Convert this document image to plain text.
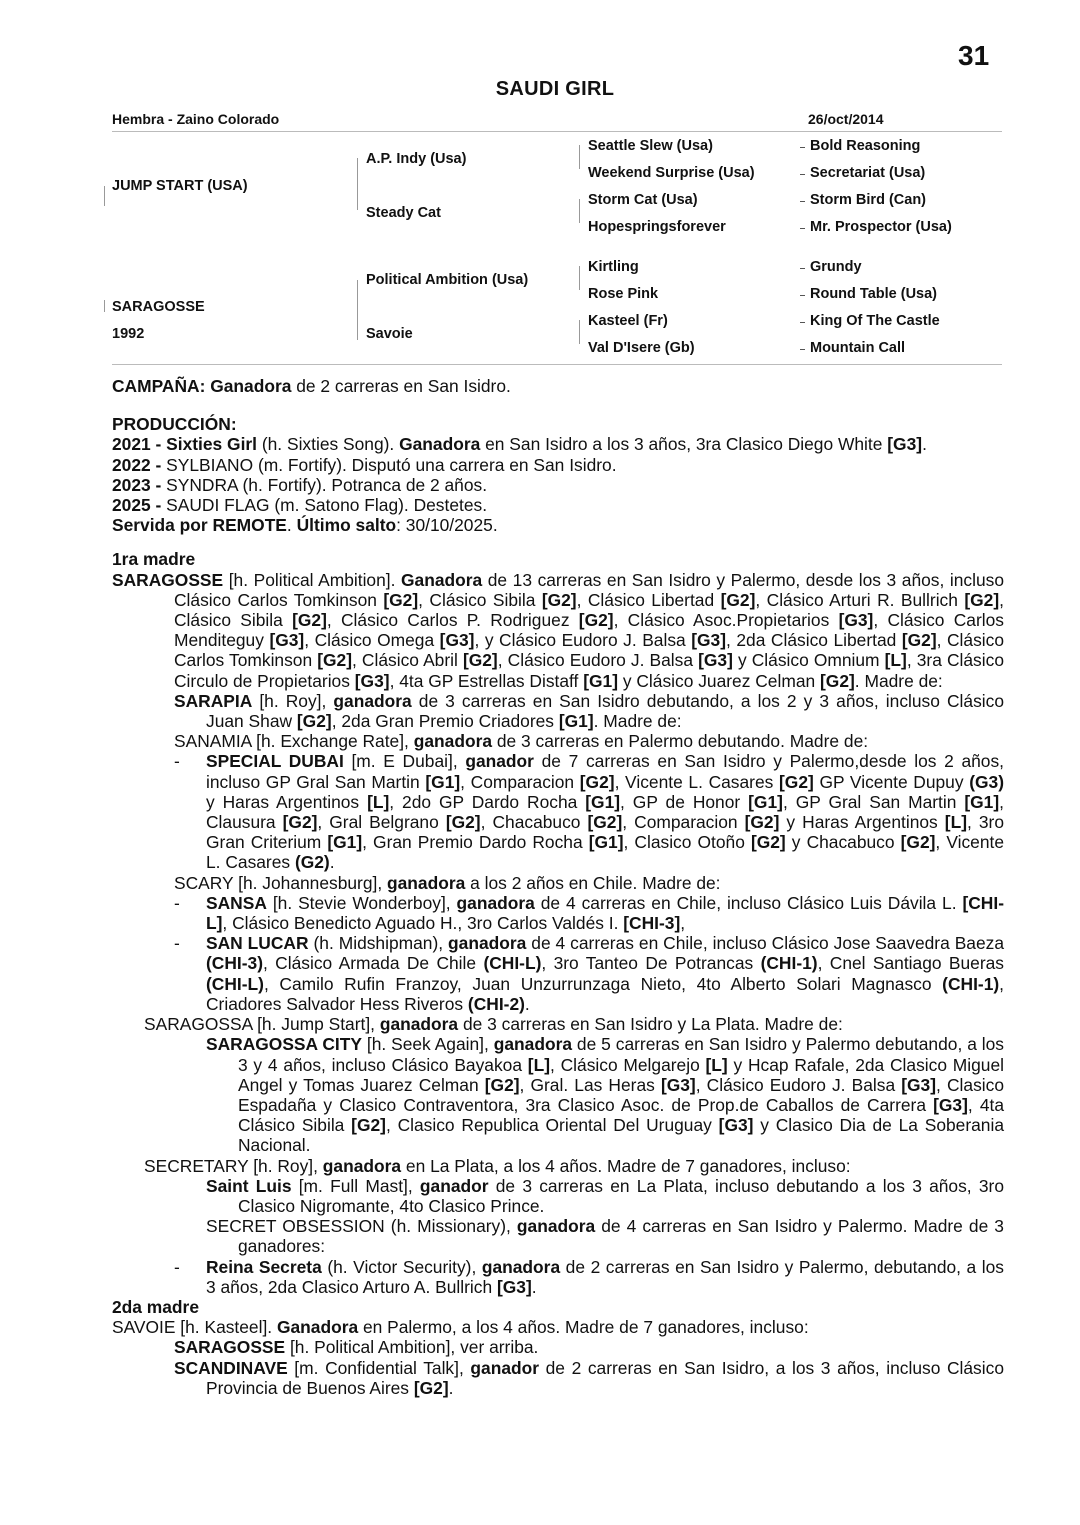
31
SAUDI GIRL
Hembra - Zaino Colorado	26/oct/2014
JUMP START (USA)
SARAGOSSE
1992
A.P. Indy (Usa)
Steady Cat
Political Ambition (Usa)
Savoie
Seattle Slew (Usa)
Weekend Surprise (Usa)
Storm Cat (Usa)
Hopespringsforever
Kirtling
Rose Pink
Kasteel (Fr)
Val D'Isere (Gb)
Bold Reasoning
Secretariat (Usa)
Storm Bird (Can)
Mr. Prospector (Usa)
Grundy
Round Table (Usa)
King Of The Castle
Mountain Call

CAMPAÑA: Ganadora de 2 carreras en San Isidro.

PRODUCCIÓN:

2021 - Sixties Girl (h. Sixties Song). Ganadora en San Isidro a los 3 años, 3ra Clasico Diego White [G3].

2022 - SYLBIANO (m. Fortify). Disputó una carrera en San Isidro.

2023 - SYNDRA (h. Fortify). Potranca de 2 años.

2025 - SAUDI FLAG (m. Satono Flag). Destetes.

Servida por REMOTE. Último salto: 30/10/2025.

1ra madre

SARAGOSSE [h. Political Ambition]. Ganadora de 13 carreras en San Isidro y Palermo, desde los 3 años, incluso Clásico Carlos Tomkinson [G2], Clásico Sibila [G2], Clásico Libertad [G2], Clásico Arturi R. Bullrich [G2], Clásico Sibila [G2], Clásico Carlos P. Rodriguez [G2], Clásico Asoc.Propietarios [G3], Clásico Carlos Menditeguy [G3], Clásico Omega [G3], y Clásico Eudoro J. Balsa [G3], 2da Clásico Libertad [G2], Clásico Carlos Tomkinson [G2], Clásico Abril [G2], Clásico Eudoro J. Balsa [G3] y Clásico Omnium [L], 3ra Clásico Circulo de Propietarios [G3], 4ta GP Estrellas Distaff [G1] y Clásico Juarez Celman [G2]. Madre de:

SARAPIA [h. Roy], ganadora de 3 carreras en San Isidro debutando, a los 2 y 3 años, incluso Clásico Juan Shaw [G2], 2da Gran Premio Criadores [G1]. Madre de:

SANAMIA [h. Exchange Rate], ganadora de 3 carreras en Palermo debutando. Madre de:

- SPECIAL DUBAI [m. E Dubai], ganador de 7 carreras en San Isidro y Palermo,desde los 2 años, incluso GP Gral San Martin [G1], Comparacion [G2], Vicente L. Casares [G2] GP Vicente Dupuy (G3) y Haras Argentinos [L], 2do GP Dardo Rocha [G1], GP de Honor [G1], GP Gral San Martin [G1], Clausura [G2], Gral Belgrano [G2], Chacabuco [G2], Comparacion [G2] y Haras Argentinos [L], 3ro Gran Criterium [G1], Gran Premio Dardo Rocha [G1], Clasico Otoño [G2] y Chacabuco [G2], Vicente L. Casares (G2).

SCARY [h. Johannesburg], ganadora a los 2 años en Chile. Madre de:

- SANSA [h. Stevie Wonderboy], ganadora de 4 carreras en Chile, incluso Clásico Luis Dávila L. [CHI-L], Clásico Benedicto Aguado H., 3ro Carlos Valdés I. [CHI-3],

- SAN LUCAR (h. Midshipman), ganadora de 4 carreras en Chile, incluso Clásico Jose Saavedra Baeza (CHI-3), Clásico Armada De Chile (CHI-L), 3ro Tanteo De Potrancas (CHI-1), Cnel Santiago Bueras (CHI-L), Camilo Rufin Franzoy, Juan Unzurrunzaga Nieto, 4to Alberto Solari Magnasco (CHI-1), Criadores Salvador Hess Riveros (CHI-2).

SARAGOSSA [h. Jump Start], ganadora de 3 carreras en San Isidro y La Plata. Madre de:

SARAGOSSA CITY [h. Seek Again], ganadora de 5 carreras en San Isidro y Palermo debutando, a los 3 y 4 años, incluso Clásico Bayakoa [L], Clásico Melgarejo [L] y Hcap Rafale, 2da Clasico Miguel Angel y Tomas Juarez Celman [G2], Gral. Las Heras [G3], Clásico Eudoro J. Balsa [G3], Clasico Espadaña y Clasico Contraventora, 3ra Clasico Asoc. de Prop.de Caballos de Carrera [G3], 4ta Clásico Sibila [G2], Clasico Republica Oriental Del Uruguay [G3] y Clasico Dia de La Soberania Nacional.

SECRETARY [h. Roy], ganadora en La Plata, a los 4 años. Madre de 7 ganadores, incluso:

Saint Luis [m. Full Mast], ganador de 3 carreras en La Plata, incluso debutando a los 3 años, 3ro Clasico Nigromante, 4to Clasico Prince.

SECRET OBSESSION (h. Missionary), ganadora de 4 carreras en San Isidro y Palermo. Madre de 3 ganadores:

- Reina Secreta (h. Victor Security), ganadora de 2 carreras en San Isidro y Palermo, debutando, a los 3 años, 2da Clasico Arturo A. Bullrich [G3].

2da madre

SAVOIE [h. Kasteel]. Ganadora en Palermo, a los 4 años. Madre de 7 ganadores, incluso:

SARAGOSSE [h. Political Ambition], ver arriba.

SCANDINAVE [m. Confidential Talk], ganador de 2 carreras en San Isidro, a los 3 años, incluso Clásico Provincia de Buenos Aires [G2].
